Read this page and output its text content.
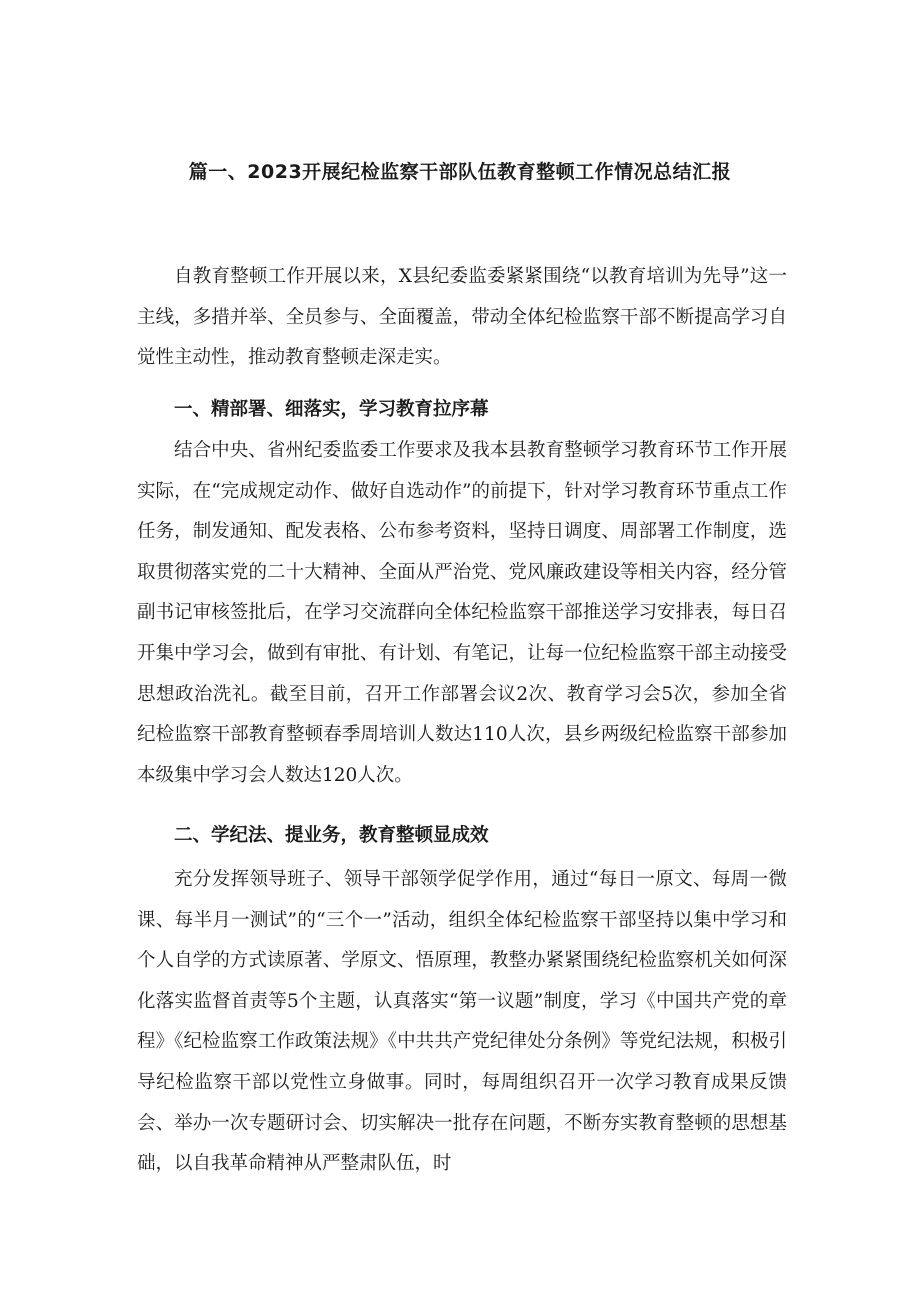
篇一、2023开展纪检监察干部队伍教育整顿工作情况总结汇报

自教育整顿工作开展以来，X县纪委监委紧紧围绕“以教育培训为先导”这一主线，多措并举、全员参与、全面覆盖，带动全体纪检监察干部不断提高学习自觉性主动性，推动教育整顿走深走实。

一、精部署、细落实，学习教育拉序幕

结合中央、省州纪委监委工作要求及我本县教育整顿学习教育环节工作开展实际，在“完成规定动作、做好自选动作”的前提下，针对学习教育环节重点工作任务，制发通知、配发表格、公布参考资料，坚持日调度、周部署工作制度，选取贯彻落实党的二十大精神、全面从严治党、党风廉政建设等相关内容，经分管副书记审核签批后，在学习交流群向全体纪检监察干部推送学习安排表，每日召开集中学习会，做到有审批、有计划、有笔记，让每一位纪检监察干部主动接受思想政治洗礼。截至目前，召开工作部署会议2次、教育学习会5次，参加全省纪检监察干部教育整顿春季周培训人数达110人次，县乡两级纪检监察干部参加本级集中学习会人数达120人次。

二、学纪法、提业务，教育整顿显成效

充分发挥领导班子、领导干部领学促学作用，通过“每日一原文、每周一微课、每半月一测试”的“三个一”活动，组织全体纪检监察干部坚持以集中学习和个人自学的方式读原著、学原文、悟原理，教整办紧紧围绕纪检监察机关如何深化落实监督首责等5个主题，认真落实“第一议题”制度，学习《中国共产党的章程》《纪检监察工作政策法规》《中共共产党纪律处分条例》等党纪法规，积极引导纪检监察干部以党性立身做事。同时，每周组织召开一次学习教育成果反馈会、举办一次专题研讨会、切实解决一批存在问题，不断夯实教育整顿的思想基础，以自我革命精神从严整肃队伍，时
